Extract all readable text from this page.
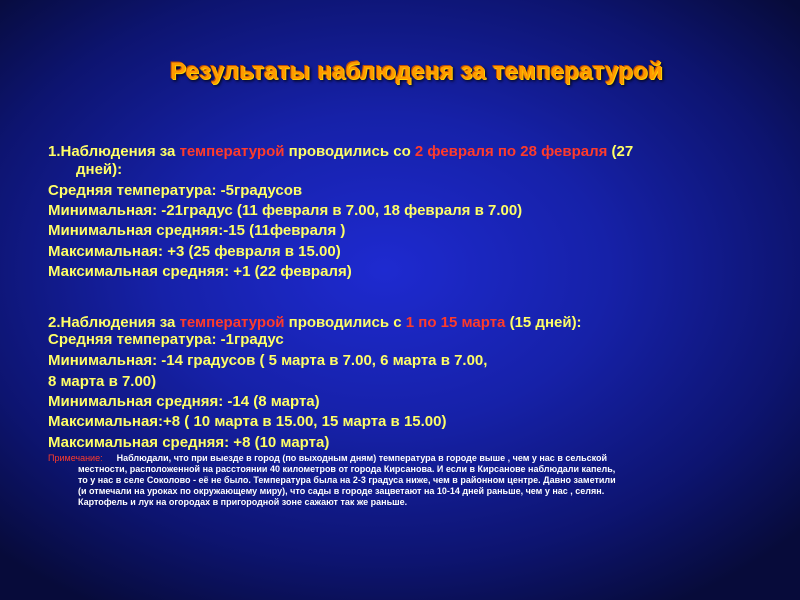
Результаты наблюденя за температурой
1.Наблюдения за температурой проводились со 2 февраля по 28 февраля (27
дней):
Средняя температура: -5градусов
Минимальная: -21градус (11 февраля в 7.00, 18 февраля в 7.00)
Минимальная средняя:-15 (11февраля )
Максимальная: +3 (25 февраля в 15.00)
Максимальная средняя: +1 (22 февраля)
2.Наблюдения за температурой проводились с 1 по 15 марта (15 дней):
Средняя температура: -1градус
Минимальная: -14 градусов ( 5 марта в 7.00, 6 марта в 7.00,
8 марта в 7.00)
Минимальная средняя: -14 (8 марта)
Максимальная:+8 ( 10 марта в 15.00, 15 марта в 15.00)
Максимальная средняя: +8 (10 марта)
Примечание: Наблюдали, что при выезде в город (по выходным дням) температура в городе выше , чем у нас в сельской
местности, расположенной на расстоянии 40 километров от города Кирсанова. И если в Кирсанове наблюдали капель,
то у нас в селе Соколово - её не было. Температура была на 2-3 градуса ниже, чем в районном центре. Давно заметили
(и отмечали на уроках по окружающему миру), что сады в городе зацветают на 10-14 дней раньше, чем у нас , селян.
Картофель и лук на огородах в пригородной зоне сажают так же раньше.
